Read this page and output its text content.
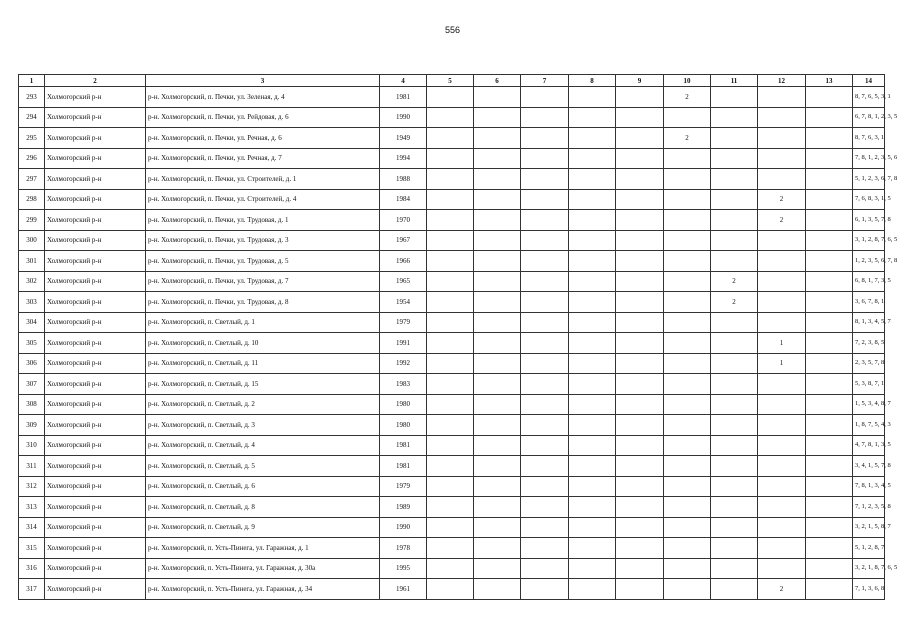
556
1	2	3	4	5	6	7	8	9	10	11	12	13	14
293	Холмогорский р-н	р-н. Холмогорский, п. Печки, ул. Зеленая, д. 4	1981						2				8, 7, 6, 5, 3, 1
294	Холмогорский р-н	р-н. Холмогорский, п. Печки, ул. Рейдовая, д. 6	1990										6, 7, 8, 1, 2, 3, 5
295	Холмогорский р-н	р-н. Холмогорский, п. Печки, ул. Речная, д. 6	1949						2				8, 7, 6, 3, 1
296	Холмогорский р-н	р-н. Холмогорский, п. Печки, ул. Речная, д. 7	1994										7, 8, 1, 2, 3, 5, 6
297	Холмогорский р-н	р-н. Холмогорский, п. Печки, ул. Строителей, д. 1	1988										5, 1, 2, 3, 6, 7, 8
298	Холмогорский р-н	р-н. Холмогорский, п. Печки, ул. Строителей, д. 4	1984								2		7, 6, 8, 3, 1, 5
299	Холмогорский р-н	р-н. Холмогорский, п. Печки, ул. Трудовая, д. 1	1970								2		6, 1, 3, 5, 7, 8
300	Холмогорский р-н	р-н. Холмогорский, п. Печки, ул. Трудовая, д. 3	1967										3, 1, 2, 8, 7, 6, 5
301	Холмогорский р-н	р-н. Холмогорский, п. Печки, ул. Трудовая, д. 5	1966										1, 2, 3, 5, 6, 7, 8
302	Холмогорский р-н	р-н. Холмогорский, п. Печки, ул. Трудовая, д. 7	1965							2			6, 8, 1, 7, 3, 5
303	Холмогорский р-н	р-н. Холмогорский, п. Печки, ул. Трудовая, д. 8	1954							2			3, 6, 7, 8, 1
304	Холмогорский р-н	р-н. Холмогорский, п. Светлый, д. 1	1979										8, 1, 3, 4, 5, 7
305	Холмогорский р-н	р-н. Холмогорский, п. Светлый, д. 10	1991								1		7, 2, 3, 8, 5
306	Холмогорский р-н	р-н. Холмогорский, п. Светлый, д. 11	1992								1		2, 3, 5, 7, 8
307	Холмогорский р-н	р-н. Холмогорский, п. Светлый, д. 15	1983										5, 3, 8, 7, 1
308	Холмогорский р-н	р-н. Холмогорский, п. Светлый, д. 2	1980										1, 5, 3, 4, 8, 7
309	Холмогорский р-н	р-н. Холмогорский, п. Светлый, д. 3	1980										1, 8, 7, 5, 4, 3
310	Холмогорский р-н	р-н. Холмогорский, п. Светлый, д. 4	1981										4, 7, 8, 1, 3, 5
311	Холмогорский р-н	р-н. Холмогорский, п. Светлый, д. 5	1981										3, 4, 1, 5, 7, 8
312	Холмогорский р-н	р-н. Холмогорский, п. Светлый, д. 6	1979										7, 8, 1, 3, 4, 5
313	Холмогорский р-н	р-н. Холмогорский, п. Светлый, д. 8	1989										7, 1, 2, 3, 5, 8
314	Холмогорский р-н	р-н. Холмогорский, п. Светлый, д. 9	1990										3, 2, 1, 5, 8, 7
315	Холмогорский р-н	р-н. Холмогорский, п. Усть-Пинега, ул. Гаражная, д. 1	1978										5, 1, 2, 8, 7
316	Холмогорский р-н	р-н. Холмогорский, п. Усть-Пинега, ул. Гаражная, д. 30а	1995										3, 2, 1, 8, 7, 6, 5
317	Холмогорский р-н	р-н. Холмогорский, п. Усть-Пинега, ул. Гаражная, д. 34	1961								2		7, 1, 3, 6, 8
